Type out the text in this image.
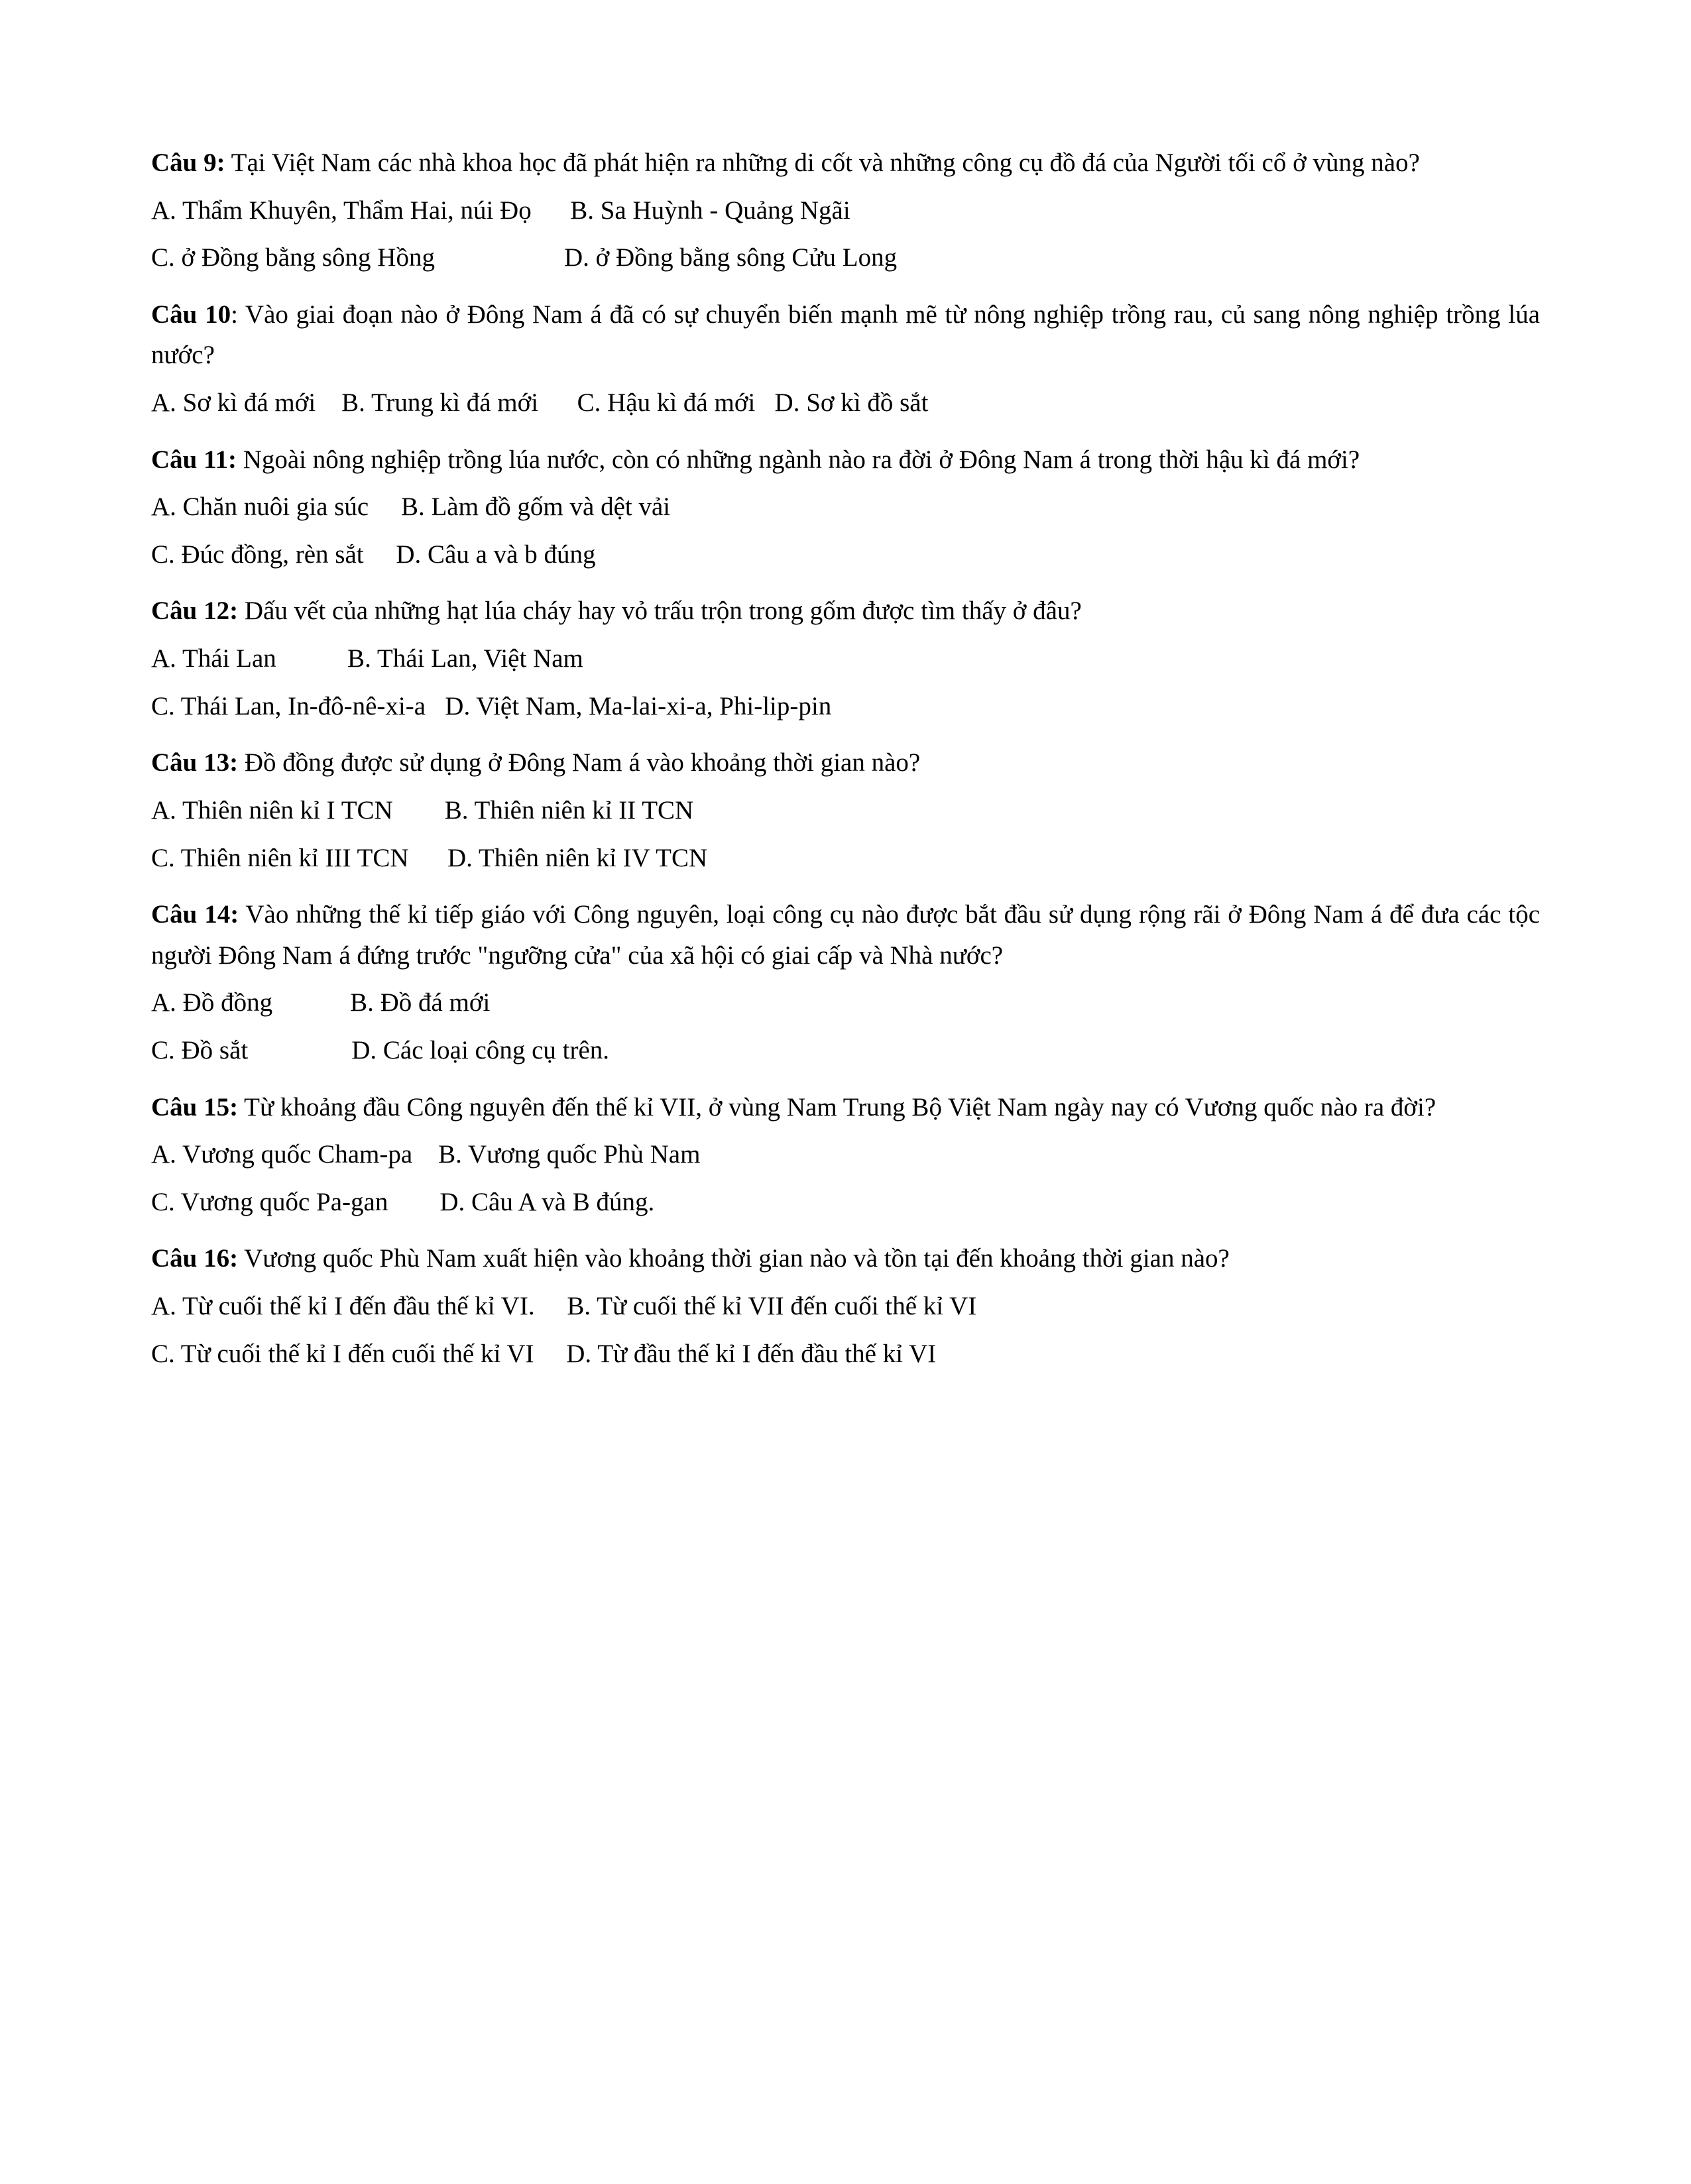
Câu 9: Tại Việt Nam các nhà khoa học đã phát hiện ra những di cốt và những công cụ đồ đá của Người tối cổ ở vùng nào?

A. Thẩm Khuyên, Thẩm Hai, núi Đọ      B. Sa Huỳnh - Quảng Ngãi

C. ở Đồng bằng sông Hồng                    D. ở Đồng bằng sông Cửu Long

Câu 10: Vào giai đoạn nào ở Đông Nam á đã có sự chuyển biến mạnh mẽ từ nông nghiệp trồng rau, củ sang nông nghiệp trồng lúa nước?

A. Sơ kì đá mới    B. Trung kì đá mới      C. Hậu kì đá mới   D. Sơ kì đồ sắt

Câu 11: Ngoài nông nghiệp trồng lúa nước, còn có những ngành nào ra đời ở Đông Nam á trong thời hậu kì đá mới?

A. Chăn nuôi gia súc     B. Làm đồ gốm và dệt vải

C. Đúc đồng, rèn sắt     D. Câu a và b đúng

Câu 12: Dấu vết của những hạt lúa cháy hay vỏ trấu trộn trong gốm được tìm thấy ở đâu?

A. Thái Lan           B. Thái Lan, Việt Nam

C. Thái Lan, In-đô-nê-xi-a   D. Việt Nam, Ma-lai-xi-a, Phi-lip-pin

Câu 13: Đồ đồng được sử dụng ở Đông Nam á vào khoảng thời gian nào?

A. Thiên niên kỉ I TCN        B. Thiên niên kỉ II TCN

C. Thiên niên kỉ III TCN      D. Thiên niên kỉ IV TCN

Câu 14: Vào những thế kỉ tiếp giáo với Công nguyên, loại công cụ nào được bắt đầu sử dụng rộng rãi ở Đông Nam á để đưa các tộc người Đông Nam á đứng trước "ngưỡng cửa" của xã hội có giai cấp và Nhà nước?

A. Đồ đồng            B. Đồ đá mới

C. Đồ sắt                D. Các loại công cụ trên.

Câu 15: Từ khoảng đầu Công nguyên đến thế kỉ VII, ở vùng Nam Trung Bộ Việt Nam ngày nay có Vương quốc nào ra đời?

A. Vương quốc Cham-pa    B. Vương quốc Phù Nam

C. Vương quốc Pa-gan        D. Câu A và B đúng.

Câu 16: Vương quốc Phù Nam xuất hiện vào khoảng thời gian nào và tồn tại đến khoảng thời gian nào?

A. Từ cuối thế kỉ I đến đầu thế kỉ VI.     B. Từ cuối thế kỉ VII đến cuối thế kỉ VI

C. Từ cuối thế kỉ I đến cuối thế kỉ VI     D. Từ đầu thế kỉ I đến đầu thế kỉ VI
